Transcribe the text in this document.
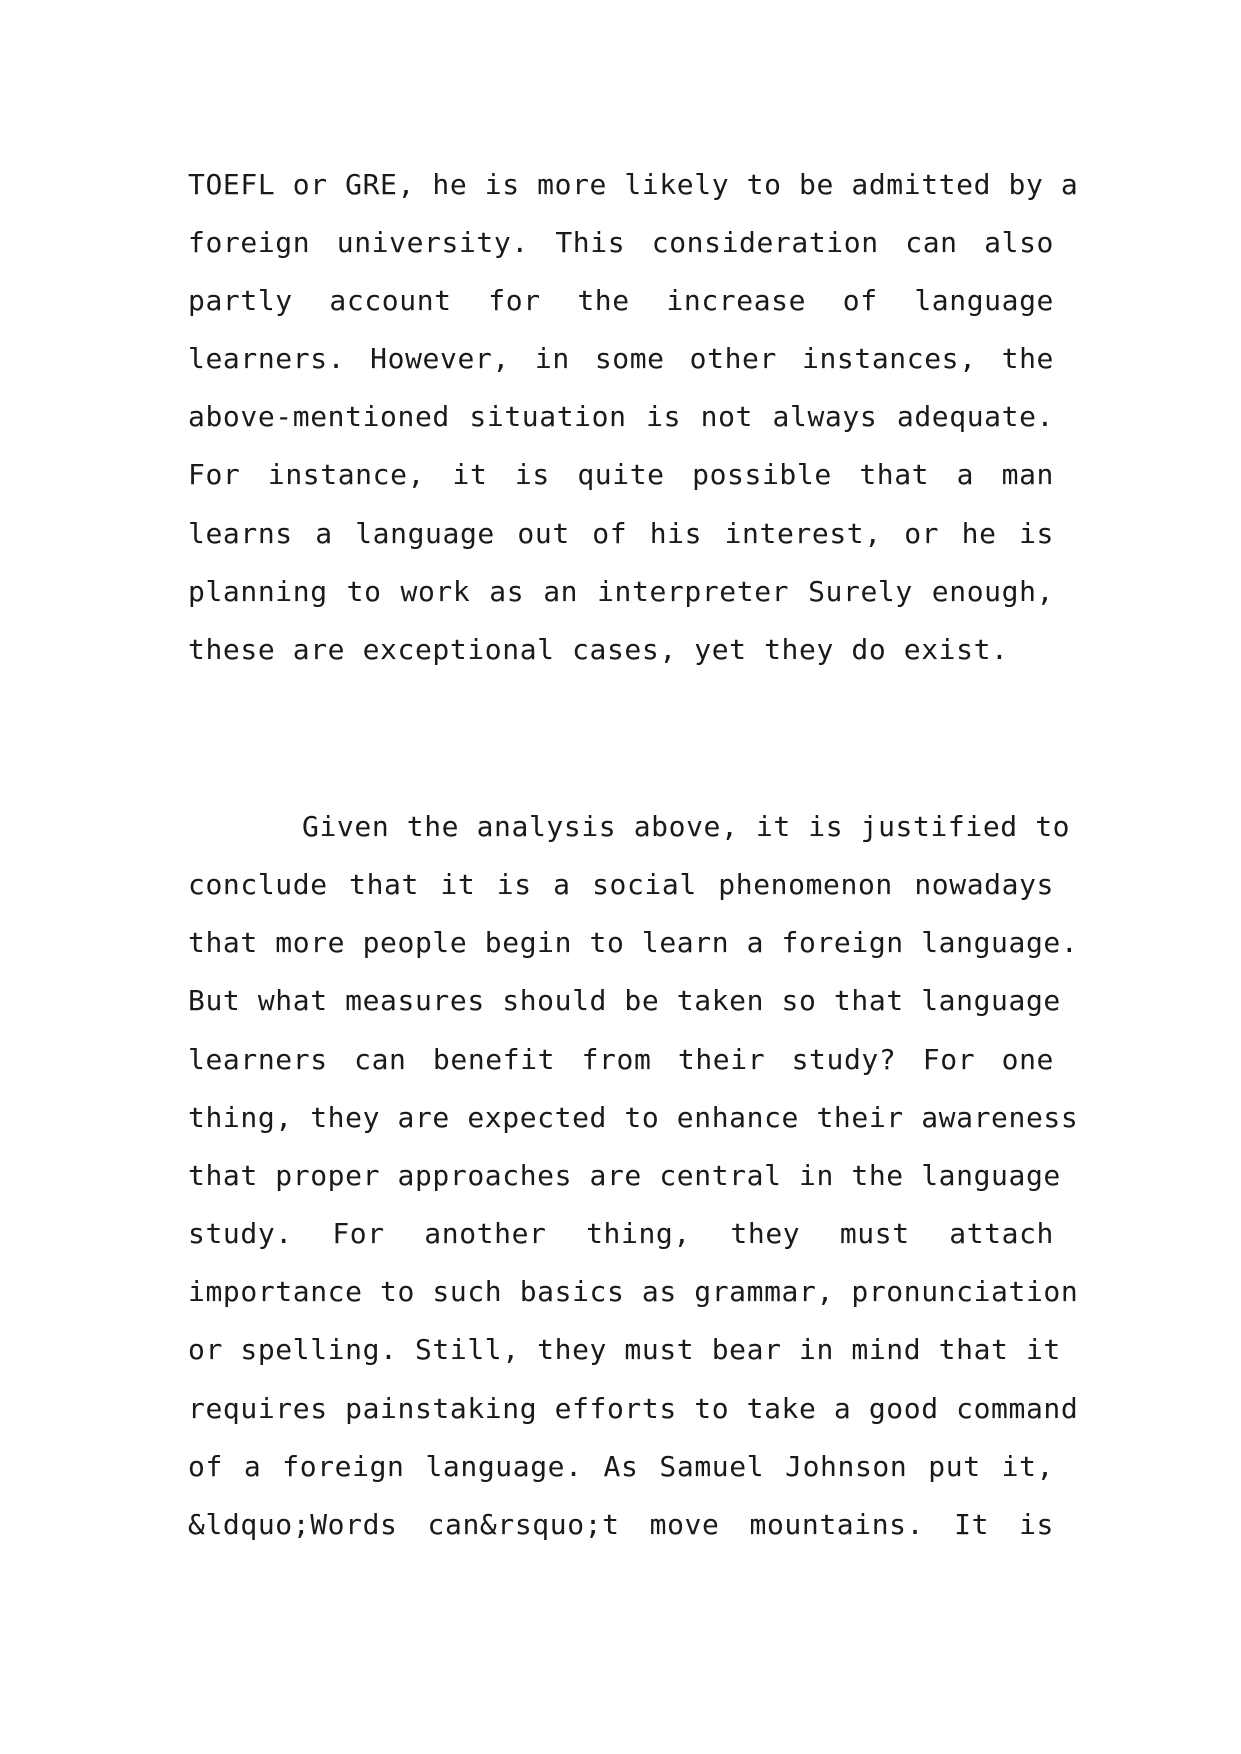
TOEFL or GRE, he is more likely to be admitted by a

foreign university. This consideration can also

partly account for the increase of language

learners. However, in some other instances, the

above-mentioned situation is not always adequate.

For instance, it is quite possible that a man

learns a language out of his interest, or he is

planning to work as an interpreter Surely enough,

these are exceptional cases, yet they do exist.

Given the analysis above, it is justified to

conclude that it is a social phenomenon nowadays

that more people begin to learn a foreign language.

But what measures should be taken so that language

learners can benefit from their study? For one

thing, they are expected to enhance their awareness

that proper approaches are central in the language

study. For another thing, they must attach

importance to such basics as grammar, pronunciation

or spelling. Still, they must bear in mind that it

requires painstaking efforts to take a good command

of a foreign language. As Samuel Johnson put it,

&ldquo;Words can&rsquo;t move mountains. It is
